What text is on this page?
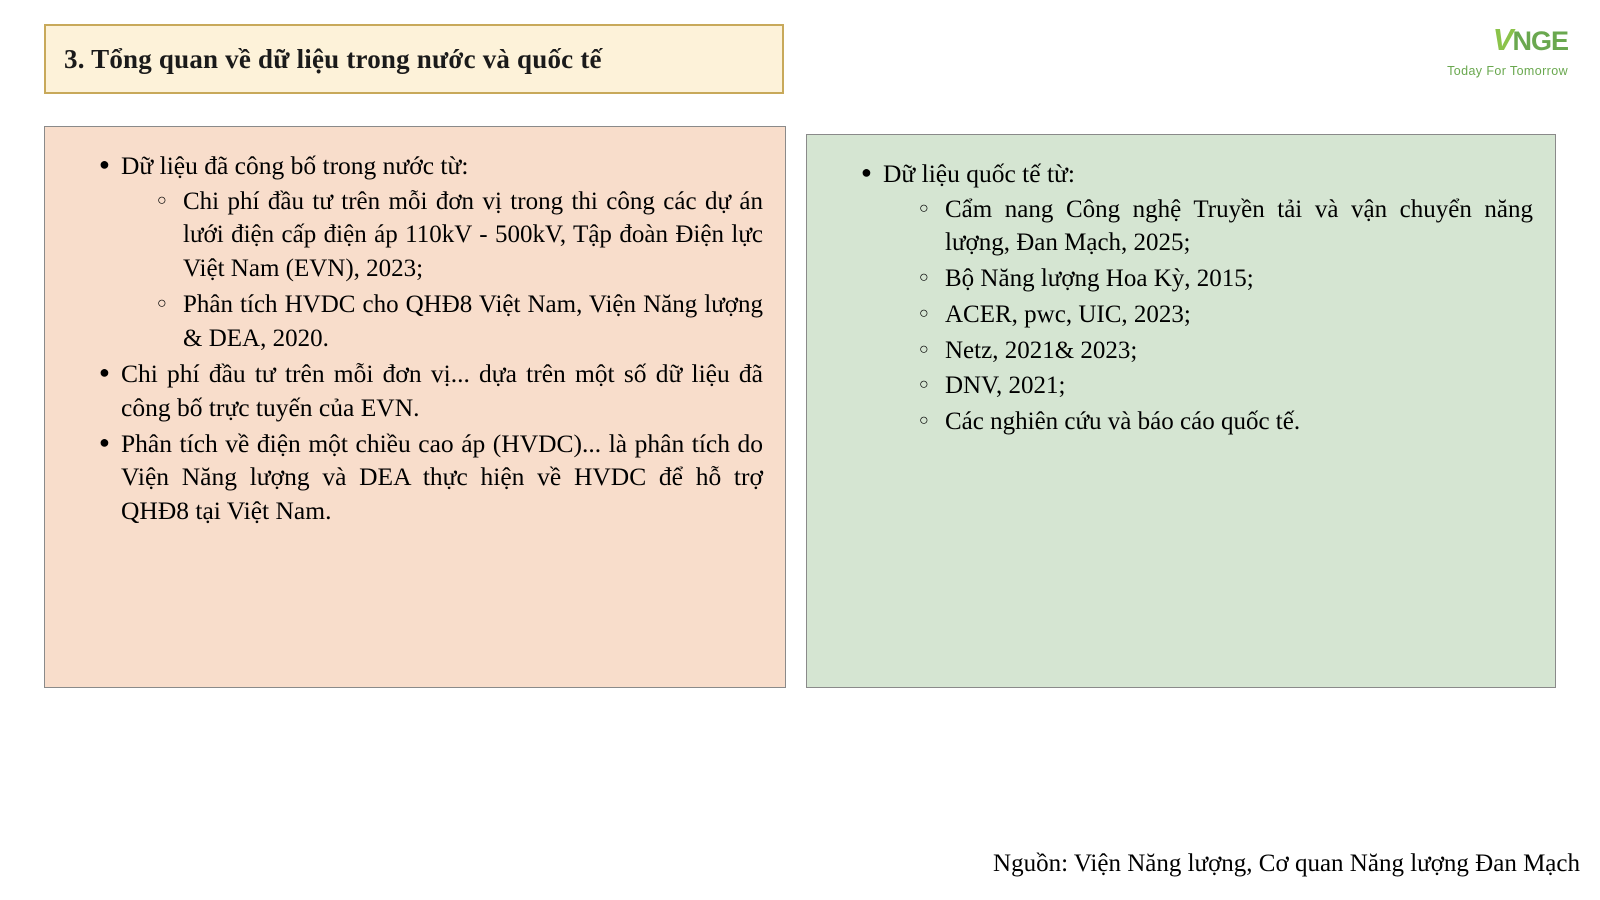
3. Tổng quan về dữ liệu trong nước và quốc tế
VNGE
Today For Tomorrow
● Dữ liệu đã công bố trong nước từ:
○ Chi phí đầu tư trên mỗi đơn vị trong thi công các dự án lưới điện cấp điện áp 110kV - 500kV, Tập đoàn Điện lực Việt Nam (EVN), 2023;
○ Phân tích HVDC cho QHĐ8 Việt Nam, Viện Năng lượng & DEA, 2020.
● Chi phí đầu tư trên mỗi đơn vị... dựa trên một số dữ liệu đã công bố trực tuyến của EVN.
● Phân tích về điện một chiều cao áp (HVDC)... là phân tích do Viện Năng lượng và DEA thực hiện về HVDC để hỗ trợ QHĐ8 tại Việt Nam.
● Dữ liệu quốc tế từ:
○ Cẩm nang Công nghệ Truyền tải và vận chuyển năng lượng, Đan Mạch, 2025;
○ Bộ Năng lượng Hoa Kỳ, 2015;
○ ACER, pwc, UIC, 2023;
○ Netz, 2021& 2023;
○ DNV, 2021;
○ Các nghiên cứu và báo cáo quốc tế.
Nguồn: Viện Năng lượng, Cơ quan Năng lượng Đan Mạch
